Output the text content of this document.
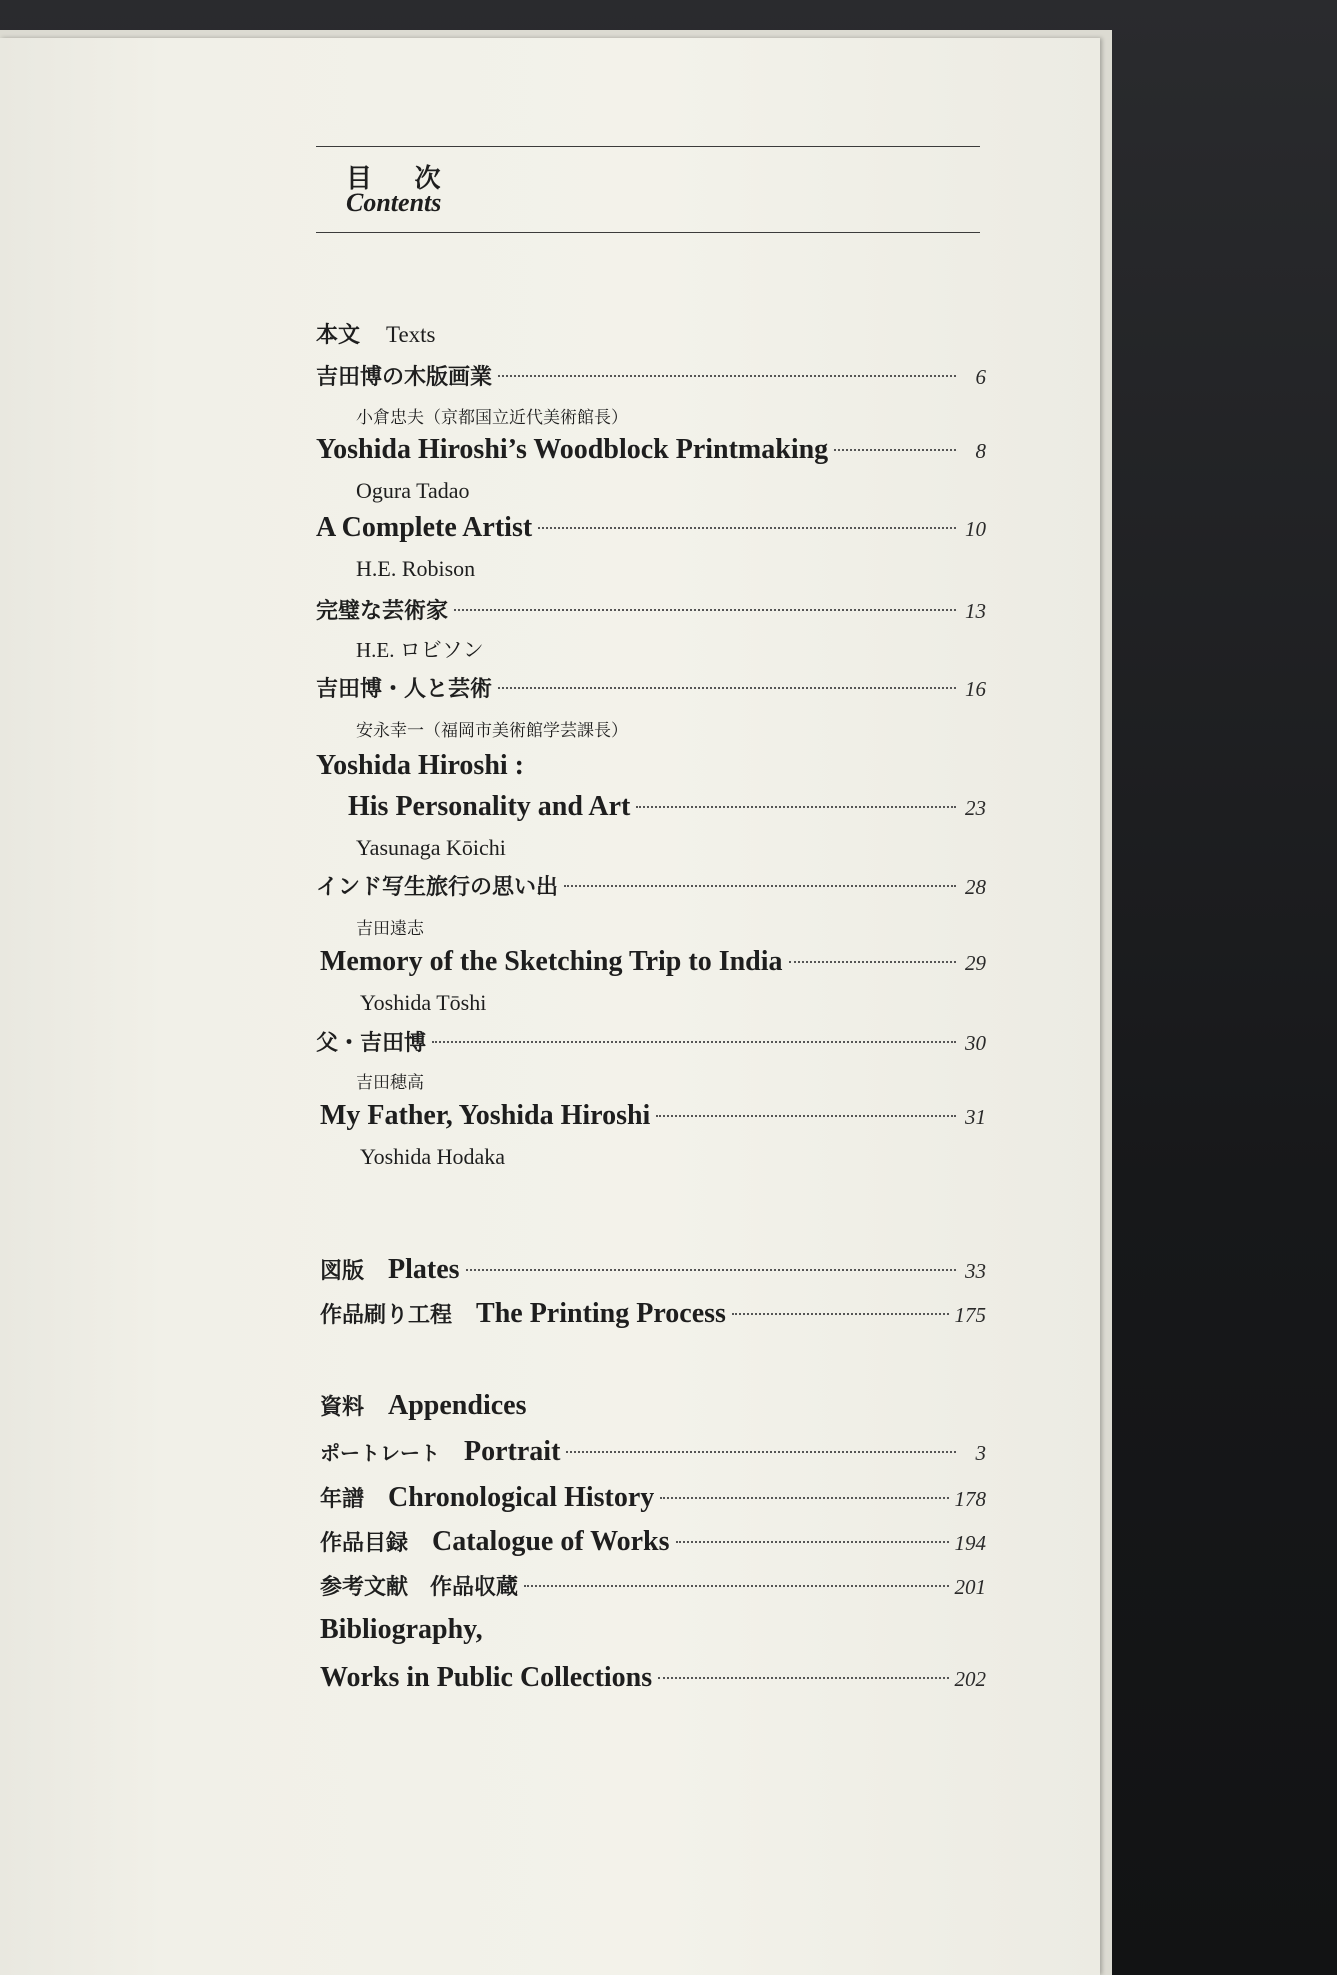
目 次
Contents
本文 Texts
吉田博の木版画業	6
小倉忠夫（京都国立近代美術館長）
Yoshida Hiroshi’s Woodblock Printmaking	8
Ogura Tadao
A Complete Artist	10
H.E. Robison
完璧な芸術家	13
H.E. ロビソン
吉田博・人と芸術	16
安永幸一（福岡市美術館学芸課長）
Yoshida Hiroshi :
His Personality and Art	23
Yasunaga Kōichi
インド写生旅行の思い出	28
吉田遠志
Memory of the Sketching Trip to India	29
Yoshida Tōshi
父・吉田博	30
吉田穂高
My Father, Yoshida Hiroshi	31
Yoshida Hodaka
図版 Plates	33
作品刷り工程 The Printing Process	175
資料 Appendices
ポートレート Portrait	3
年譜 Chronological History	178
作品目録 Catalogue of Works	194
参考文献　作品収蔵	201
Bibliography,
Works in Public Collections	202
